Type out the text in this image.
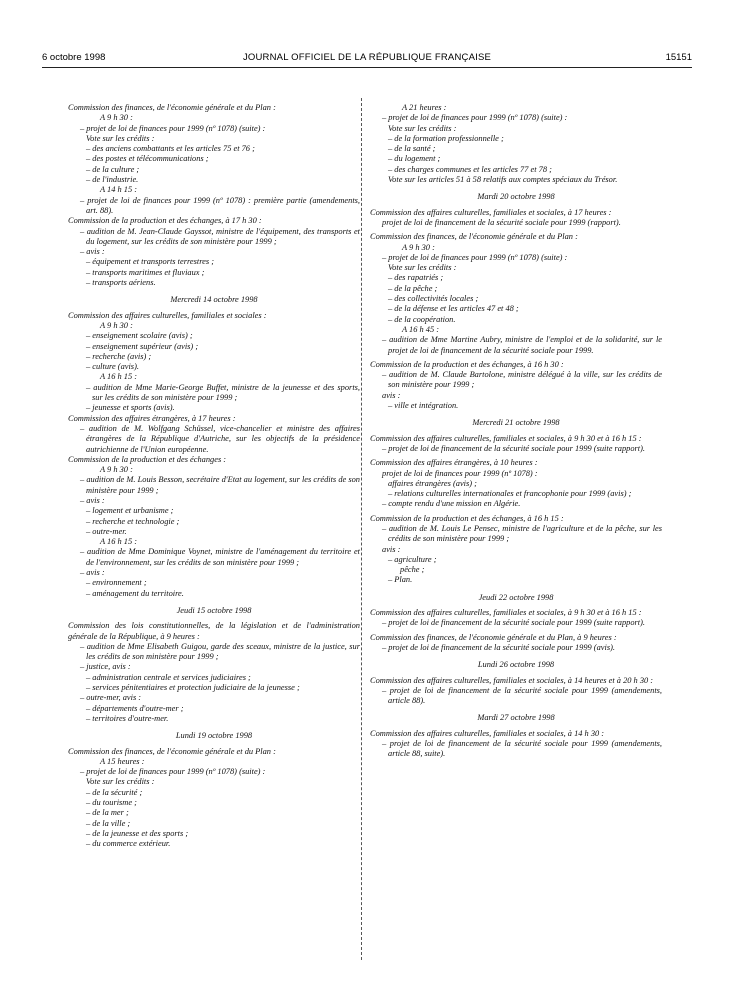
6 octobre 1998	JOURNAL OFFICIEL DE LA RÉPUBLIQUE FRANÇAISE	15151

Commission des finances, de l'économie générale et du Plan :

A 9 h 30 :

– projet de loi de finances pour 1999 (nº 1078) (suite) :

Vote sur les crédits :

– des anciens combattants et les articles 75 et 76 ;

– des postes et télécommunications ;

– de la culture ;

– de l'industrie.

A 14 h 15 :

– projet de loi de finances pour 1999 (nº 1078) : première partie (amendements, art. 88).

Commission de la production et des échanges, à 17 h 30 :

– audition de M. Jean-Claude Gayssot, ministre de l'équipement, des transports et du logement, sur les crédits de son ministère pour 1999 ;

– avis :

– équipement et transports terrestres ;

– transports maritimes et fluviaux ;

– transports aériens.

Mercredi 14 octobre 1998

Commission des affaires culturelles, familiales et sociales :

A 9 h 30 :

– enseignement scolaire (avis) ;

– enseignement supérieur (avis) ;

– recherche (avis) ;

– culture (avis).

A 16 h 15 :

– audition de Mme Marie-George Buffet, ministre de la jeunesse et des sports, sur les crédits de son ministère pour 1999 ;

– jeunesse et sports (avis).

Commission des affaires étrangères, à 17 heures :

– audition de M. Wolfgang Schüssel, vice-chancelier et ministre des affaires étrangères de la République d'Autriche, sur les objectifs de la présidence autrichienne de l'Union européenne.

Commission de la production et des échanges :

A 9 h 30 :

– audition de M. Louis Besson, secrétaire d'Etat au logement, sur les crédits de son ministère pour 1999 ;

– avis :

– logement et urbanisme ;

– recherche et technologie ;

– outre-mer.

A 16 h 15 :

– audition de Mme Dominique Voynet, ministre de l'aménagement du territoire et de l'environnement, sur les crédits de son ministère pour 1999 ;

– avis :

– environnement ;

– aménagement du territoire.

Jeudi 15 octobre 1998

Commission des lois constitutionnelles, de la législation et de l'administration générale de la République, à 9 heures :

– audition de Mme Elisabeth Guigou, garde des sceaux, ministre de la justice, sur les crédits de son ministère pour 1999 ;

– justice, avis :

– administration centrale et services judiciaires ;

– services pénitentiaires et protection judiciaire de la jeunesse ;

– outre-mer, avis :

– départements d'outre-mer ;

– territoires d'outre-mer.

Lundi 19 octobre 1998

Commission des finances, de l'économie générale et du Plan :

A 15 heures :

– projet de loi de finances pour 1999 (nº 1078) (suite) :

Vote sur les crédits :

– de la sécurité ;

– du tourisme ;

– de la mer ;

– de la ville ;

– de la jeunesse et des sports ;

– du commerce extérieur.

A 21 heures :

– projet de loi de finances pour 1999 (nº 1078) (suite) :

Vote sur les crédits :

– de la formation professionnelle ;

– de la santé ;

– du logement ;

– des charges communes et les articles 77 et 78 ;

Vote sur les articles 51 à 58 relatifs aux comptes spéciaux du Trésor.

Mardi 20 octobre 1998

Commission des affaires culturelles, familiales et sociales, à 17 heures :

projet de loi de financement de la sécurité sociale pour 1999 (rapport).

Commission des finances, de l'économie générale et du Plan :

A 9 h 30 :

– projet de loi de finances pour 1999 (nº 1078) (suite) :

Vote sur les crédits :

– des rapatriés ;

– de la pêche ;

– des collectivités locales ;

– de la défense et les articles 47 et 48 ;

– de la coopération.

A 16 h 45 :

– audition de Mme Martine Aubry, ministre de l'emploi et de la solidarité, sur le projet de loi de financement de la sécurité sociale pour 1999.

Commission de la production et des échanges, à 16 h 30 :

– audition de M. Claude Bartolone, ministre délégué à la ville, sur les crédits de son ministère pour 1999 ;

avis :

– ville et intégration.

Mercredi 21 octobre 1998

Commission des affaires culturelles, familiales et sociales, à 9 h 30 et à 16 h 15 :

– projet de loi de financement de la sécurité sociale pour 1999 (suite rapport).

Commission des affaires étrangères, à 10 heures :

projet de loi de finances pour 1999 (nº 1078) :

affaires étrangères (avis) ;

– relations culturelles internationales et francophonie pour 1999 (avis) ;

– compte rendu d'une mission en Algérie.

Commission de la production et des échanges, à 16 h 15 :

– audition de M. Louis Le Pensec, ministre de l'agriculture et de la pêche, sur les crédits de son ministère pour 1999 ;

avis :

– agriculture ;

pêche ;

– Plan.

Jeudi 22 octobre 1998

Commission des affaires culturelles, familiales et sociales, à 9 h 30 et à 16 h 15 :

– projet de loi de financement de la sécurité sociale pour 1999 (suite rapport).

Commission des finances, de l'économie générale et du Plan, à 9 heures :

– projet de loi de financement de la sécurité sociale pour 1999 (avis).

Lundi 26 octobre 1998

Commission des affaires culturelles, familiales et sociales, à 14 heures et à 20 h 30 :

– projet de loi de financement de la sécurité sociale pour 1999 (amendements, article 88).

Mardi 27 octobre 1998

Commission des affaires culturelles, familiales et sociales, à 14 h 30 :

– projet de loi de financement de la sécurité sociale pour 1999 (amendements, article 88, suite).
